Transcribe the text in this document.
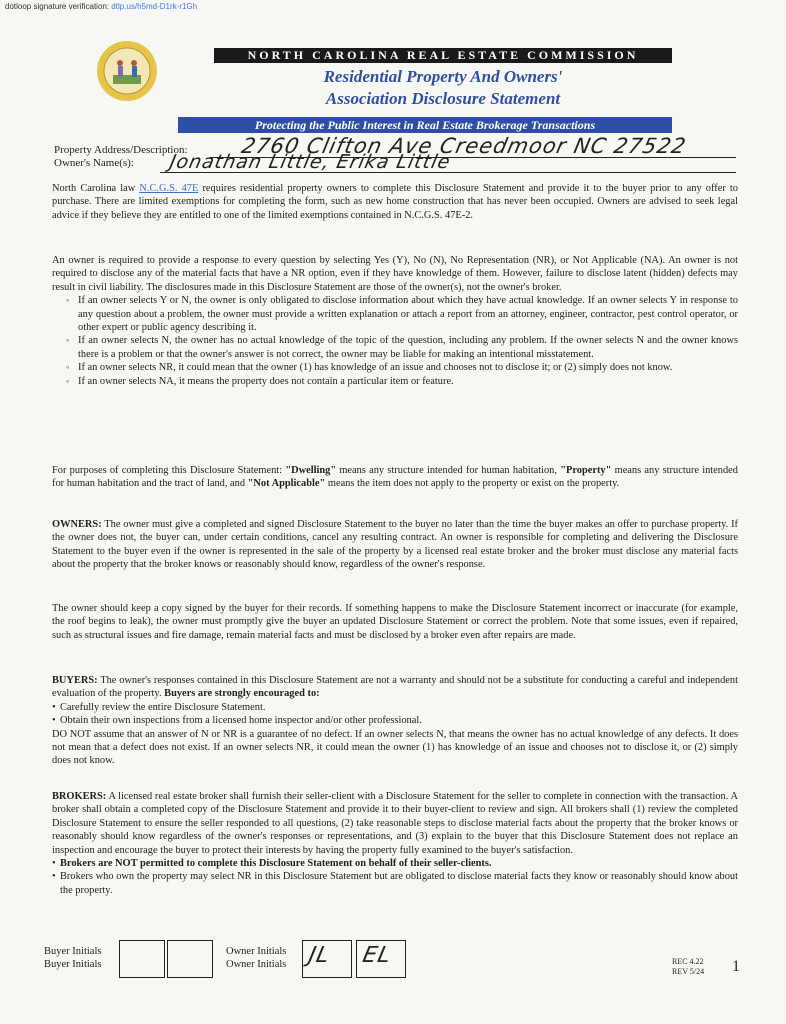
dotloop signature verification: dtlp.us/h5md-D1rk-r1Gh
NORTH CAROLINA REAL ESTATE COMMISSION
Residential Property And Owners'
Association Disclosure Statement
Protecting the Public Interest in Real Estate Brokerage Transactions
Property Address/Description: 2760 Clifton Ave Creedmoor NC 27522
Owner's Name(s): Jonathan Little, Erika Little

North Carolina law N.C.G.S. 47E requires residential property owners to complete this Disclosure Statement and provide it to the buyer prior to any offer to purchase. There are limited exemptions for completing the form, such as new home construction that has never been occupied. Owners are advised to seek legal advice if they believe they are entitled to one of the limited exemptions contained in N.C.G.S. 47E-2.

An owner is required to provide a response to every question by selecting Yes (Y), No (N), No Representation (NR), or Not Applicable (NA). An owner is not required to disclose any of the material facts that have a NR option, even if they have knowledge of them. However, failure to disclose latent (hidden) defects may result in civil liability. The disclosures made in this Disclosure Statement are those of the owner(s), not the owner's broker.

◦ If an owner selects Y or N, the owner is only obligated to disclose information about which they have actual knowledge. If an owner selects Y in response to any question about a problem, the owner must provide a written explanation or attach a report from an attorney, engineer, contractor, pest control operator, or other expert or public agency describing it.
◦ If an owner selects N, the owner has no actual knowledge of the topic of the question, including any problem. If the owner selects N and the owner knows there is a problem or that the owner's answer is not correct, the owner may be liable for making an intentional misstatement.
◦ If an owner selects NR, it could mean that the owner (1) has knowledge of an issue and chooses not to disclose it; or (2) simply does not know.
◦ If an owner selects NA, it means the property does not contain a particular item or feature.

For purposes of completing this Disclosure Statement: "Dwelling" means any structure intended for human habitation, "Property" means any structure intended for human habitation and the tract of land, and "Not Applicable" means the item does not apply to the property or exist on the property.

OWNERS: The owner must give a completed and signed Disclosure Statement to the buyer no later than the time the buyer makes an offer to purchase property. If the owner does not, the buyer can, under certain conditions, cancel any resulting contract. An owner is responsible for completing and delivering the Disclosure Statement to the buyer even if the owner is represented in the sale of the property by a licensed real estate broker and the broker must disclose any material facts about the property that the broker knows or reasonably should know, regardless of the owner's response.

The owner should keep a copy signed by the buyer for their records. If something happens to make the Disclosure Statement incorrect or inaccurate (for example, the roof begins to leak), the owner must promptly give the buyer an updated Disclosure Statement or correct the problem. Note that some issues, even if repaired, such as structural issues and fire damage, remain material facts and must be disclosed by a broker even after repairs are made.

BUYERS: The owner's responses contained in this Disclosure Statement are not a warranty and should not be a substitute for conducting a careful and independent evaluation of the property. Buyers are strongly encouraged to:

• Carefully review the entire Disclosure Statement.
• Obtain their own inspections from a licensed home inspector and/or other professional.

DO NOT assume that an answer of N or NR is a guarantee of no defect. If an owner selects N, that means the owner has no actual knowledge of any defects. It does not mean that a defect does not exist. If an owner selects NR, it could mean the owner (1) has knowledge of an issue and chooses not to disclose it, or (2) simply does not know.

BROKERS: A licensed real estate broker shall furnish their seller-client with a Disclosure Statement for the seller to complete in connection with the transaction. A broker shall obtain a completed copy of the Disclosure Statement and provide it to their buyer-client to review and sign. All brokers shall (1) review the completed Disclosure Statement to ensure the seller responded to all questions, (2) take reasonable steps to disclose material facts about the property that the broker knows or reasonably should know regardless of the owner's responses or representations, and (3) explain to the buyer that this Disclosure Statement does not replace an inspection and encourage the buyer to protect their interests by having the property fully examined to the buyer's satisfaction.

• Brokers are NOT permitted to complete this Disclosure Statement on behalf of their seller-clients.
• Brokers who own the property may select NR in this Disclosure Statement but are obligated to disclose material facts they know or reasonably should know about the property.
Buyer Initials
Buyer Initials
Owner Initials
Owner Initials JL EL	REC 4.22
REV 5/24 1
